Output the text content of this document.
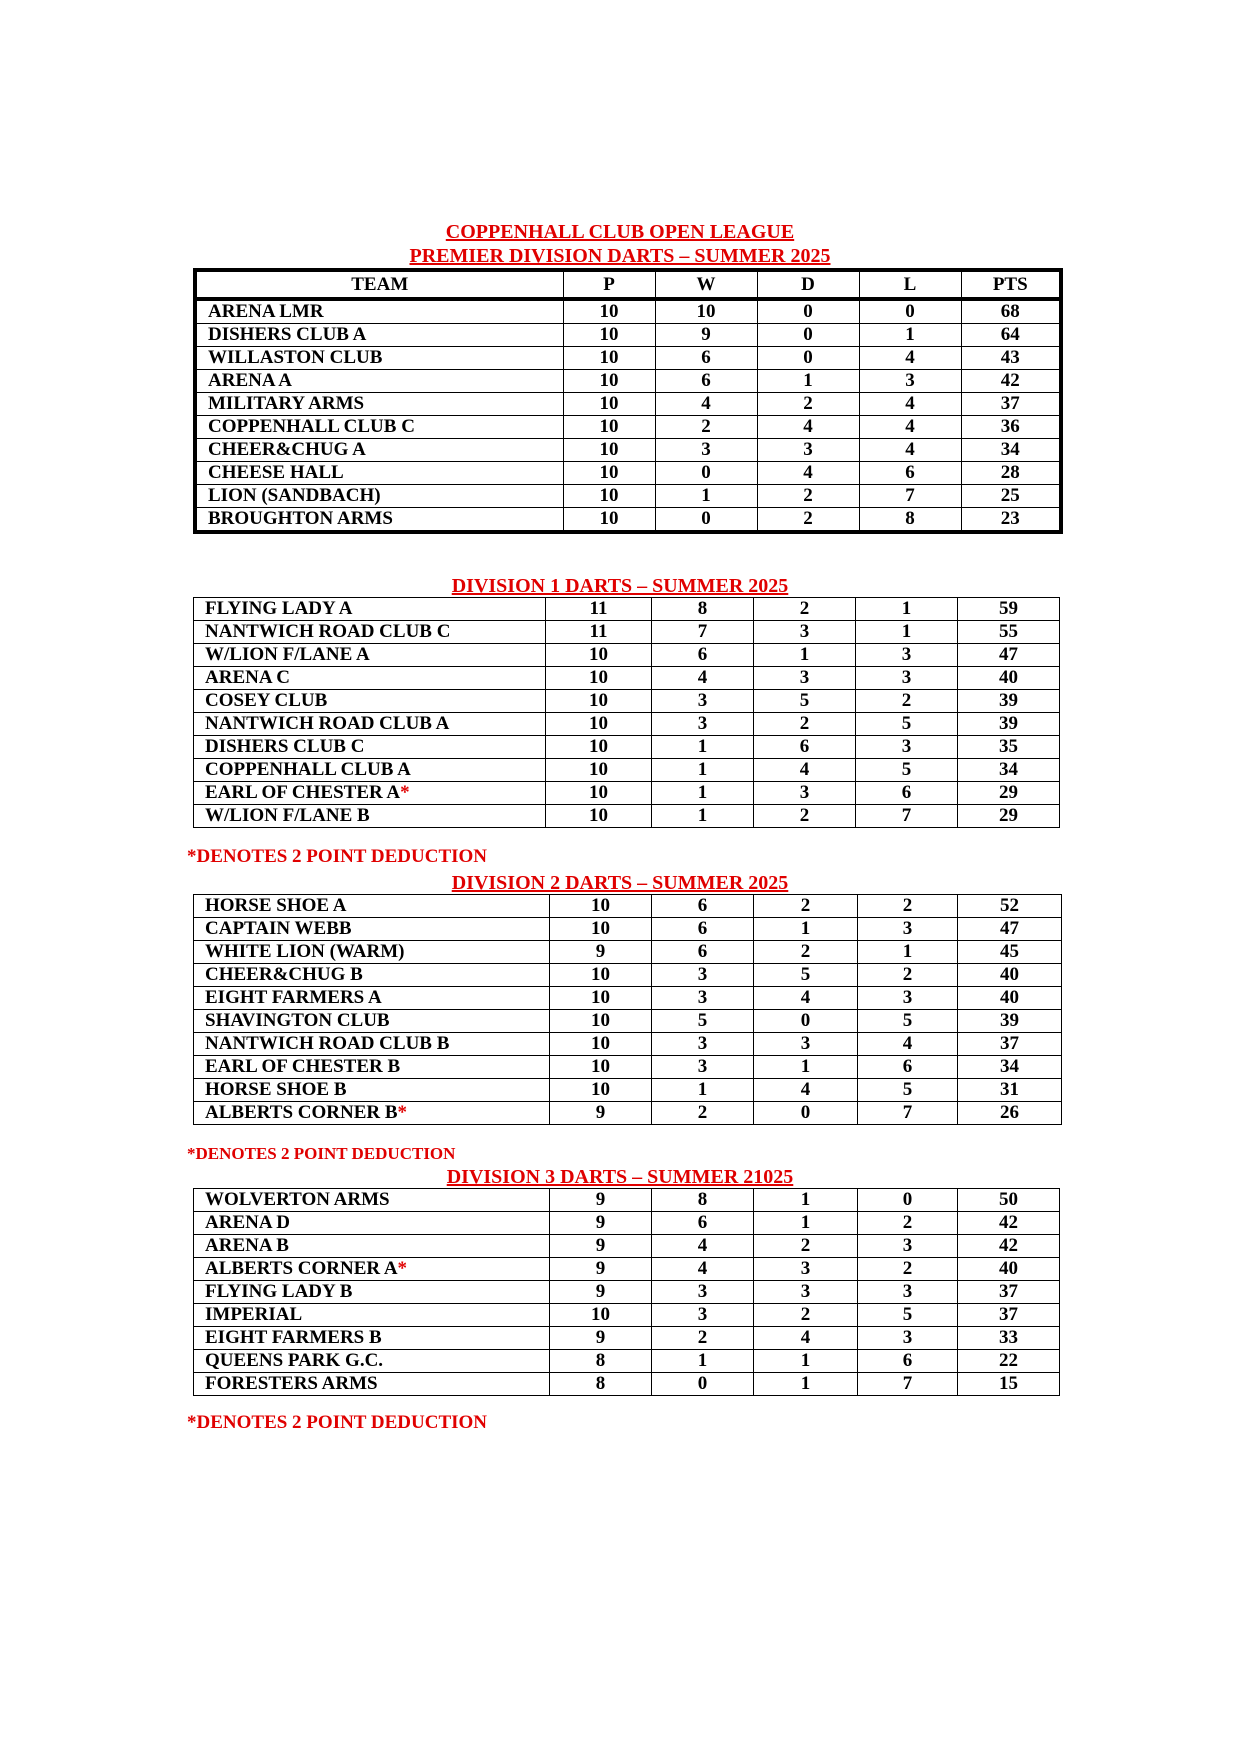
COPPENHALL CLUB OPEN LEAGUE
PREMIER DIVISION DARTS – SUMMER 2025
TEAM	P	W	D	L	PTS
ARENA LMR	10	10	0	0	68
DISHERS CLUB A	10	9	0	1	64
WILLASTON CLUB	10	6	0	4	43
ARENA A	10	6	1	3	42
MILITARY ARMS	10	4	2	4	37
COPPENHALL CLUB C	10	2	4	4	36
CHEER&CHUG A	10	3	3	4	34
CHEESE HALL	10	0	4	6	28
LION (SANDBACH)	10	1	2	7	25
BROUGHTON ARMS	10	0	2	8	23
DIVISION 1 DARTS – SUMMER 2025
FLYING LADY A	11	8	2	1	59
NANTWICH ROAD CLUB C	11	7	3	1	55
W/LION F/LANE A	10	6	1	3	47
ARENA C	10	4	3	3	40
COSEY CLUB	10	3	5	2	39
NANTWICH ROAD CLUB A	10	3	2	5	39
DISHERS CLUB C	10	1	6	3	35
COPPENHALL CLUB A	10	1	4	5	34
EARL OF CHESTER A*	10	1	3	6	29
W/LION F/LANE B	10	1	2	7	29
*DENOTES 2 POINT DEDUCTION
DIVISION 2 DARTS – SUMMER 2025
HORSE SHOE A	10	6	2	2	52
CAPTAIN WEBB	10	6	1	3	47
WHITE LION (WARM)	9	6	2	1	45
CHEER&CHUG B	10	3	5	2	40
EIGHT FARMERS A	10	3	4	3	40
SHAVINGTON CLUB	10	5	0	5	39
NANTWICH ROAD CLUB B	10	3	3	4	37
EARL OF CHESTER B	10	3	1	6	34
HORSE SHOE B	10	1	4	5	31
ALBERTS CORNER B*	9	2	0	7	26
*DENOTES 2 POINT DEDUCTION
DIVISION 3 DARTS – SUMMER 21025
WOLVERTON ARMS	9	8	1	0	50
ARENA D	9	6	1	2	42
ARENA B	9	4	2	3	42
ALBERTS CORNER A*	9	4	3	2	40
FLYING LADY B	9	3	3	3	37
IMPERIAL	10	3	2	5	37
EIGHT FARMERS B	9	2	4	3	33
QUEENS PARK G.C.	8	1	1	6	22
FORESTERS ARMS	8	0	1	7	15
*DENOTES 2 POINT DEDUCTION
